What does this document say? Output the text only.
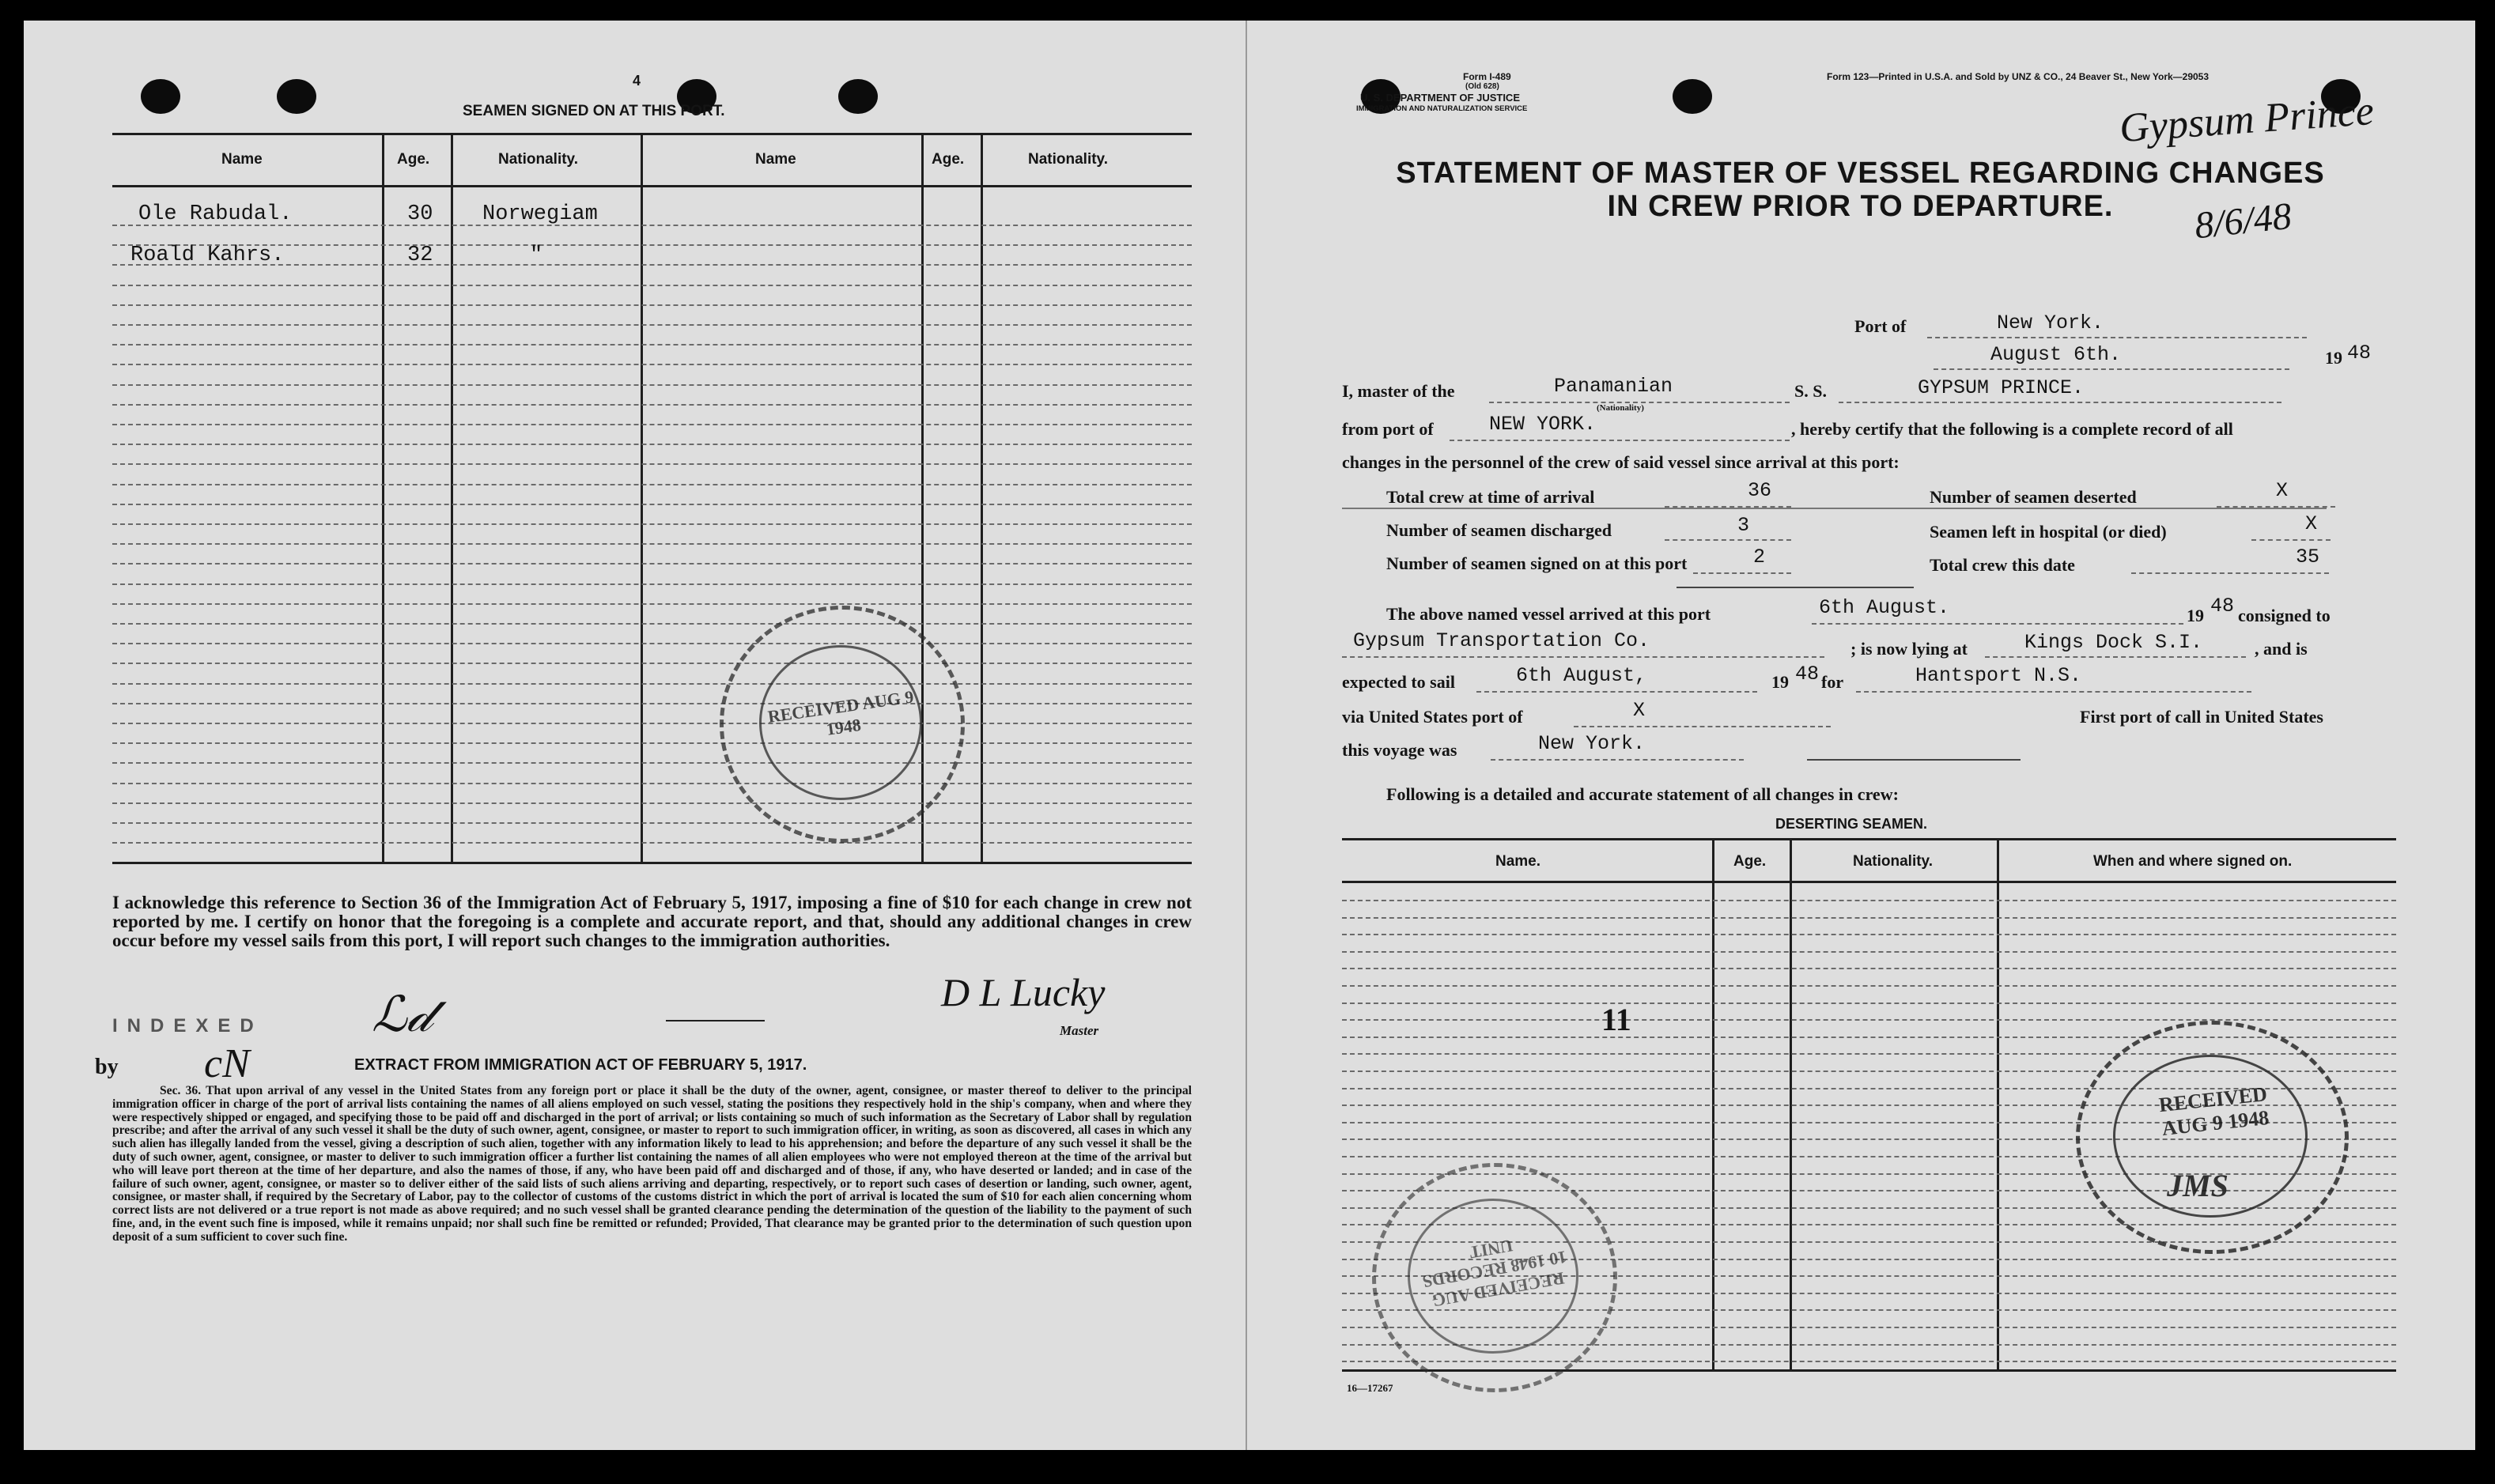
4
SEAMEN SIGNED ON AT THIS PORT.
Name	Age.	Nationality.	Name	Age.	Nationality.
Ole Rabudal.	30 Norwegiam
Roald Kahrs.	32	"
RECEIVED AUG 9 1948
I acknowledge this reference to Section 36 of the Immigration Act of February 5, 1917, imposing a fine of $10 for each change in crew not reported by me. I certify on honor that the foregoing is a complete and accurate report, and that, should any additional changes in crew occur before my vessel sails from this port, I will report such changes to the immigration authorities.
INDEXED
by cN
ℒ𝒹	D L Lucky
Master
EXTRACT FROM IMMIGRATION ACT OF FEBRUARY 5, 1917.
Sec. 36. That upon arrival of any vessel in the United States from any foreign port or place it shall be the duty of the owner, agent, consignee, or master thereof to deliver to the principal immigration officer in charge of the port of arrival lists containing the names of all aliens employed on such vessel, stating the positions they respectively hold in the ship's company, when and where they were respectively shipped or engaged, and specifying those to be paid off and discharged in the port of arrival; or lists containing so much of such information as the Secretary of Labor shall by regulation prescribe; and after the arrival of any such vessel it shall be the duty of such owner, agent, consignee, or master to report to such immigration officer, in writing, as soon as discovered, all cases in which any such alien has illegally landed from the vessel, giving a description of such alien, together with any information likely to lead to his apprehension; and before the departure of any such vessel it shall be the duty of such owner, agent, consignee, or master to deliver to such immigration officer a further list containing the names of all alien employees who were not employed thereon at the time of the arrival but who will leave port thereon at the time of her departure, and also the names of those, if any, who have been paid off and discharged and of those, if any, who have deserted or landed; and in case of the failure of such owner, agent, consignee, or master so to deliver either of the said lists of such aliens arriving and departing, respectively, or to report such cases of desertion or landing, such owner, agent, consignee, or master shall, if required by the Secretary of Labor, pay to the collector of customs of the customs district in which the port of arrival is located the sum of $10 for each alien concerning whom correct lists are not delivered or a true report is not made as above required; and no such vessel shall be granted clearance pending the determination of the question of the liability to the payment of such fine, and, in the event such fine is imposed, while it remains unpaid; nor shall such fine be remitted or refunded; Provided, That clearance may be granted prior to the determination of such question upon deposit of a sum sufficient to cover such fine.
Form I-489
(Old 628)
U. S. DEPARTMENT OF JUSTICE
IMMIGRATION AND NATURALIZATION SERVICE
Form 123—Printed in U.S.A. and Sold by UNZ & CO., 24 Beaver St., New York—29053
Gypsum Prince
8/6/48
STATEMENT OF MASTER OF VESSEL REGARDING CHANGES
IN CREW PRIOR TO DEPARTURE.
Port of	New York.
August 6th.	19 48
I, master of the	Panamanian
(Nationality)
S. S.	GYPSUM PRINCE.
from port of	NEW YORK.	, hereby certify that the following is a complete record of all
changes in the personnel of the crew of said vessel since arrival at this port:
Total crew at time of arrival	36	Number of seamen deserted	X
Number of seamen discharged	3	Seamen left in hospital (or died)	X
Number of seamen signed on at this port	2	Total crew this date	35
The above named vessel arrived at this port	6th August.	19 48 consigned to
Gypsum Transportation Co.	; is now lying at	Kings Dock S.I.	, and is
expected to sail	6th August,	19 48 for	Hantsport N.S.
via United States port of	X	First port of call in United States
this voyage was	New York.
Following is a detailed and accurate statement of all changes in crew:
DESERTING SEAMEN.
Name.	Age.	Nationality.	When and where signed on.
11
RECEIVED AUG 9 1948
JMS
RECEIVED AUG 10 1948 RECORDS UNIT
16—17267
